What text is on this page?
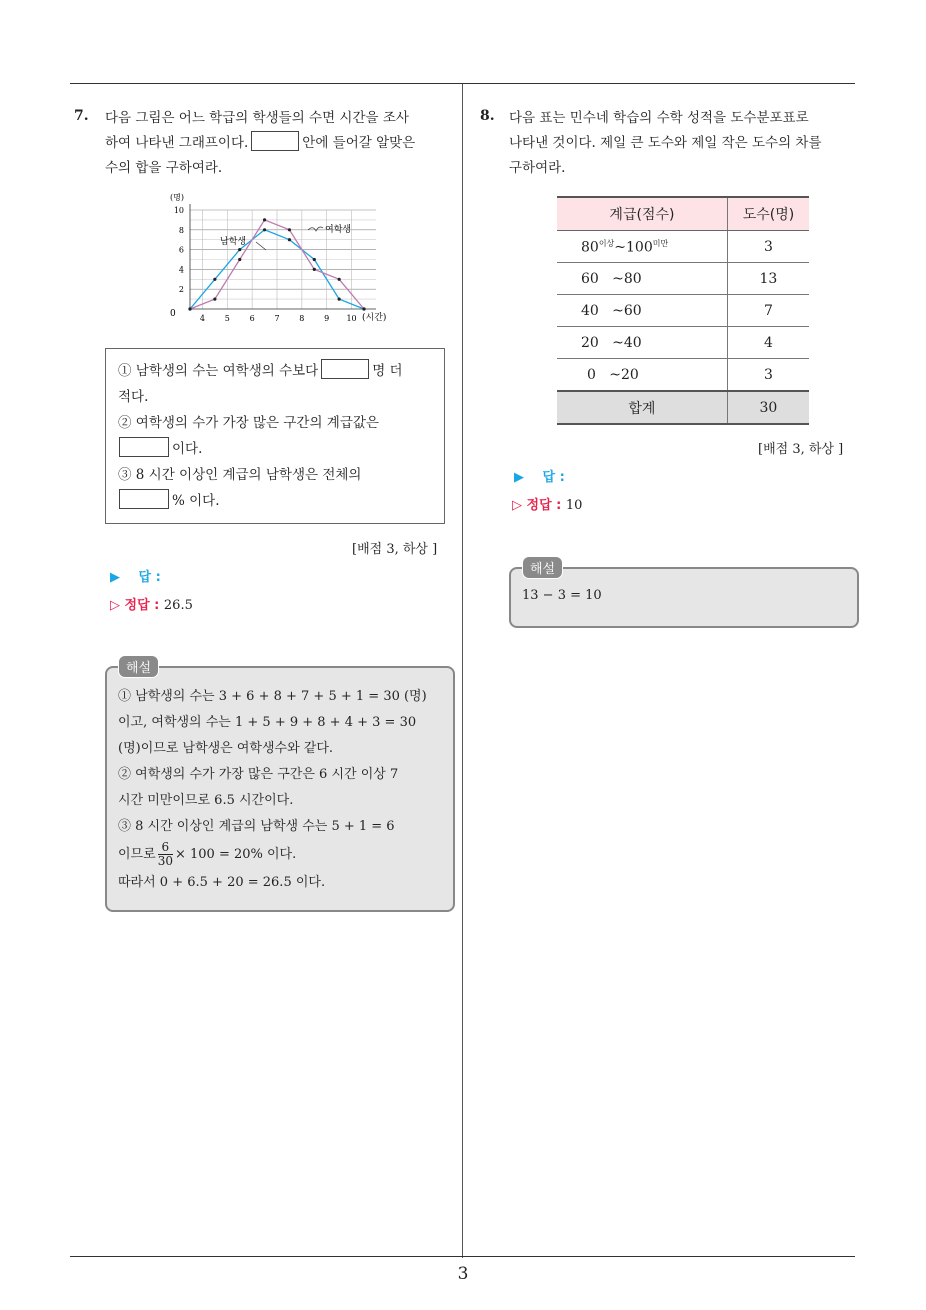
3
7. 다음 그림은 어느 학급의 학생들의 수면 시간을 조사
하여 나타낸 그래프이다.	안에 들어갈 알맞은
수의 합을 구하여라.
2
4
6
8
10
4 5 6 7 8 9 10
(명)
(시간)
0
남학생
여학생
① 남학생의 수는 여학생의 수보다	명 더
적다.
② 여학생의 수가 가장 많은 구간의 계급값은
이다.
③ 8 시간 이상인 계급의 남학생은 전체의
% 이다.
[배점 3, 하상 ]
▶ 답 :
▷ 정답 : 26.5
해설
① 남학생의 수는 3 + 6 + 8 + 7 + 5 + 1 = 30 (명)
이고, 여학생의 수는 1 + 5 + 9 + 8 + 4 + 3 = 30
(명)이므로 남학생은 여학생수와 같다.
② 여학생의 수가 가장 많은 구간은 6 시간 이상 7
시간 미만이므로 6.5 시간이다.
③ 8 시간 이상인 계급의 남학생 수는 5 + 1 = 6
이므로 $\frac{6}{30} \times 100 = 20\%$ 이다.
따라서 0 + 6.5 + 20 = 26.5 이다.
8. 다음 표는 민수네 학습의 수학 성적을 도수분포표로
나타낸 것이다. 제일 큰 도수와 제일 작은 도수의 차를
구하여라.
계급(점수)	도수(명)
$80^{이상}\sim 100^{미만}$	3
60   ~80	13
40   ~60	7
20   ~40	4
0   ~20	3
합계	30
[배점 3, 하상 ]
▶ 답 :
▷ 정답 : 10
해설
13 − 3 = 10
